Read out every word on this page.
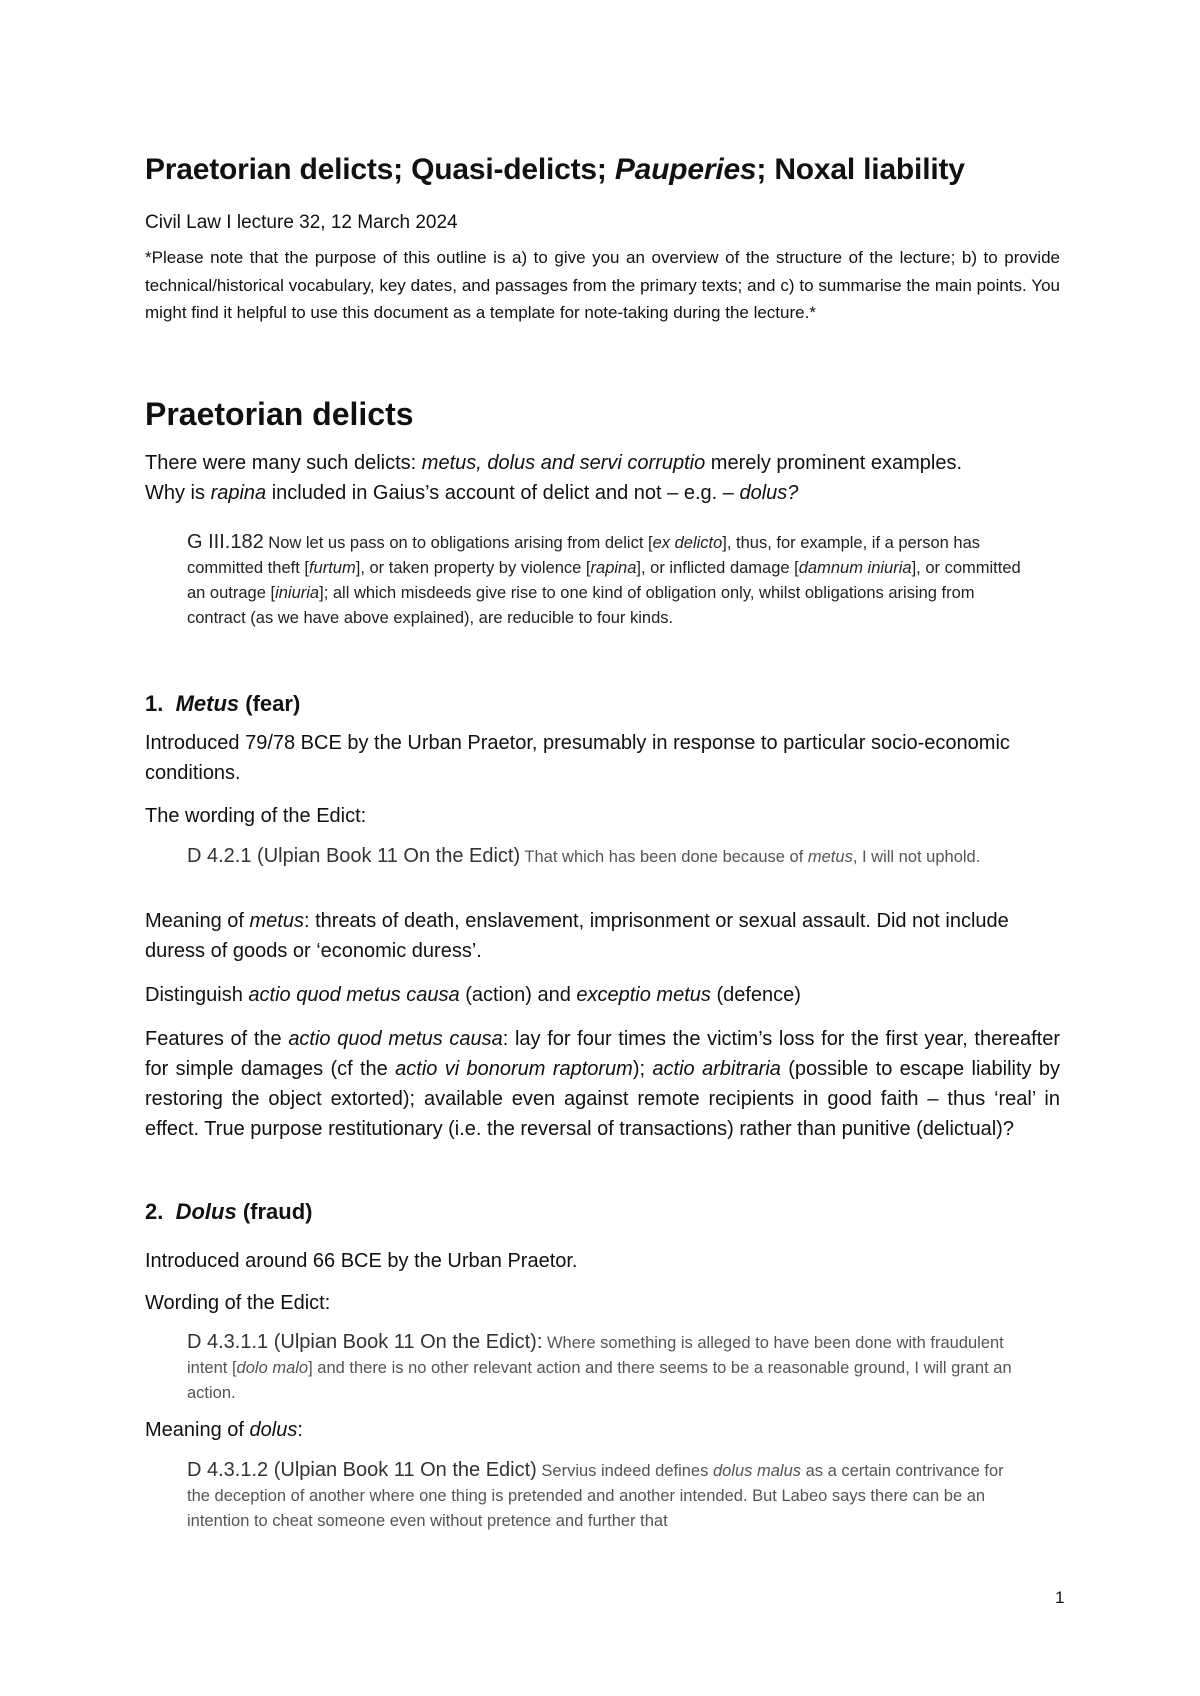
Praetorian delicts; Quasi-delicts; Pauperies; Noxal liability

Civil Law I lecture 32, 12 March 2024

*Please note that the purpose of this outline is a) to give you an overview of the structure of the lecture; b) to provide technical/historical vocabulary, key dates, and passages from the primary texts; and c) to summarise the main points. You might find it helpful to use this document as a template for note-taking during the lecture.*

Praetorian delicts

There were many such delicts: metus, dolus and servi corruptio merely prominent examples.
Why is rapina included in Gaius’s account of delict and not – e.g. – dolus?

G III.182 Now let us pass on to obligations arising from delict [ex delicto], thus, for example, if a person has committed theft [furtum], or taken property by violence [rapina], or inflicted damage [damnum iniuria], or committed an outrage [iniuria]; all which misdeeds give rise to one kind of obligation only, whilst obligations arising from contract (as we have above explained), are reducible to four kinds.

1. Metus (fear)

Introduced 79/78 BCE by the Urban Praetor, presumably in response to particular socio-economic conditions.

The wording of the Edict:

D 4.2.1 (Ulpian Book 11 On the Edict) That which has been done because of metus, I will not uphold.

Meaning of metus: threats of death, enslavement, imprisonment or sexual assault. Did not include duress of goods or ‘economic duress’.

Distinguish actio quod metus causa (action) and exceptio metus (defence)

Features of the actio quod metus causa: lay for four times the victim’s loss for the first year, thereafter for simple damages (cf the actio vi bonorum raptorum); actio arbitraria (possible to escape liability by restoring the object extorted); available even against remote recipients in good faith – thus ‘real’ in effect. True purpose restitutionary (i.e. the reversal of transactions) rather than punitive (delictual)?

2. Dolus (fraud)

Introduced around 66 BCE by the Urban Praetor.

Wording of the Edict:

D 4.3.1.1 (Ulpian Book 11 On the Edict): Where something is alleged to have been done with fraudulent intent [dolo malo] and there is no other relevant action and there seems to be a reasonable ground, I will grant an action.

Meaning of dolus:

D 4.3.1.2 (Ulpian Book 11 On the Edict) Servius indeed defines dolus malus as a certain contrivance for the deception of another where one thing is pretended and another intended. But Labeo says there can be an intention to cheat someone even without pretence and further that

1
